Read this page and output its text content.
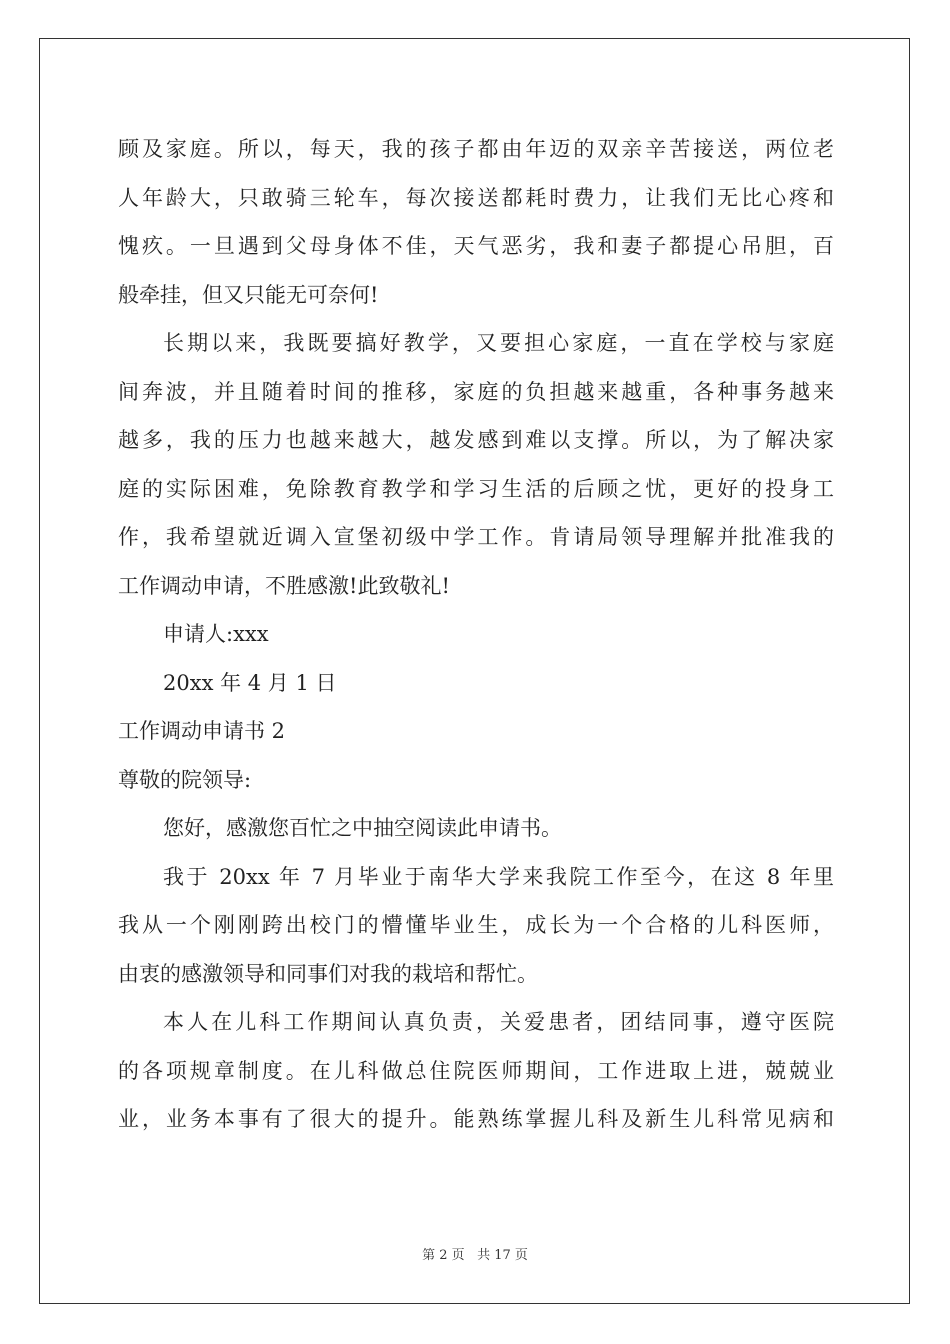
顾及家庭。所以，每天，我的孩子都由年迈的双亲辛苦接送，两位老
人年龄大，只敢骑三轮车，每次接送都耗时费力，让我们无比心疼和
愧疚。一旦遇到父母身体不佳，天气恶劣，我和妻子都提心吊胆，百
般牵挂，但又只能无可奈何!
长期以来，我既要搞好教学，又要担心家庭，一直在学校与家庭
间奔波，并且随着时间的推移，家庭的负担越来越重，各种事务越来
越多，我的压力也越来越大，越发感到难以支撑。所以，为了解决家
庭的实际困难，免除教育教学和学习生活的后顾之忧，更好的投身工
作，我希望就近调入宣堡初级中学工作。肯请局领导理解并批准我的
工作调动申请，不胜感激!此致敬礼!
申请人:xxx
20xx 年 4 月 1 日
工作调动申请书 2
尊敬的院领导:
您好，感激您百忙之中抽空阅读此申请书。
我于 20xx 年 7 月毕业于南华大学来我院工作至今，在这 8 年里
我从一个刚刚跨出校门的懵懂毕业生，成长为一个合格的儿科医师，
由衷的感激领导和同事们对我的栽培和帮忙。
本人在儿科工作期间认真负责，关爱患者，团结同事，遵守医院
的各项规章制度。在儿科做总住院医师期间，工作进取上进，兢兢业
业，业务本事有了很大的提升。能熟练掌握儿科及新生儿科常见病和
第 2 页 共 17 页
